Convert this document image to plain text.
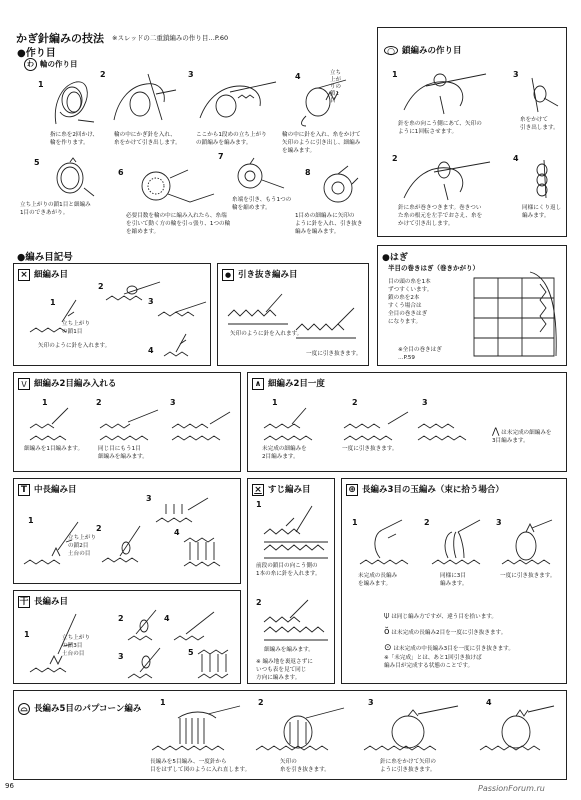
かぎ針編みの技法 ※スレッドの二重鎖編みの作り目…P.60
●作り目
わ 輪の作り目
1
2	3	4
5
6
7
8
指に糸を2回かけ、
輪を作ります。
輪の中にかぎ針を入れ、
糸をかけて引き出します。
ここから1段めの立ち上がり
の鎖編みを編みます。
輪の中に針を入れ、糸をかけて
矢印のように引き出し、細編み
を編みます。
立ち上がりの鎖1目と細編み
1目のできあがり。	必要目数を輪の中に編み入れたら、糸端
を引いて動く方の輪を引っ張り、1つの輪
を縮めます。
糸端を引き、もう1つの
輪を縮めます。
1目めの細編みに矢印の
ように針を入れ、引き抜き
編みを編みます。
立ち上がりの鎖1目
○ 鎖編みの作り目
1	3
2	4
針を糸の向こう側にあて、矢印の
ように1回転させます。
糸をかけて
引き出します。
針に糸が巻きつきます。巻きつい
た糸の根元を左手でおさえ、糸を
かけて引き出します。
同様にくり返し
編みます。
●編み目記号
× 細編み目
1
2
3
4
立ち上がり
の鎖1目
矢印のように針を入れます。
● 引き抜き編み目
矢印のように針を入れます。
一度に引き抜きます。
●はぎ
半目の巻きはぎ（巻きかがり）
目の頭の糸を1本
ずつすくいます。
鎖の糸を2本
すくう場合は
全目の巻きはぎ
になります。
※全目の巻きはぎ
…P.59
\/ 細編み2目編み入れる
1	2	3
細編みを1目編みます。	同じ目にもう1目
細編みを編みます。
∧ 細編み2目一度
1	2	3
未完成の細編みを
2目編みます。
一度に引き抜きます。

⋀ は未完成の細編みを
3目編みます。

T 中長編み目
1
2
3
4
立ち上がり
の鎖2目
土台の目
× すじ編み目
1
2
前段の鎖目の向こう側の
1本の糸に針を入れます。
細編みを編みます。
※ 編み地を裏返さずに
いつも表を見て同じ
方向に編みます。
⊕ 長編み3目の玉編み（束に拾う場合）
1	2	3
未完成の長編み
を編みます。
同様に3目
編みます。
一度に引き抜きます。

⍦ は同じ編み方ですが、違う目を拾います。

ŏ は未完成の長編み2目を一度に引き抜きます。

⊙ は未完成の中長編み3目を一度に引き抜きます。

※「未完成」とは、あと1回引き抜けば
編み目が完成する状態のことです。
干 長編み目
1
2
3
4
5
立ち上がり
の鎖3目
土台の目
⌓ 長編み5目のパプコーン編み
1	2	3	4
長編みを5目編み、一度針から
目をはずして図のように入れ直します。
矢印の
糸を引き抜きます。
針に糸をかけて矢印の
ように引き抜きます。
96	PassionForum.ru
